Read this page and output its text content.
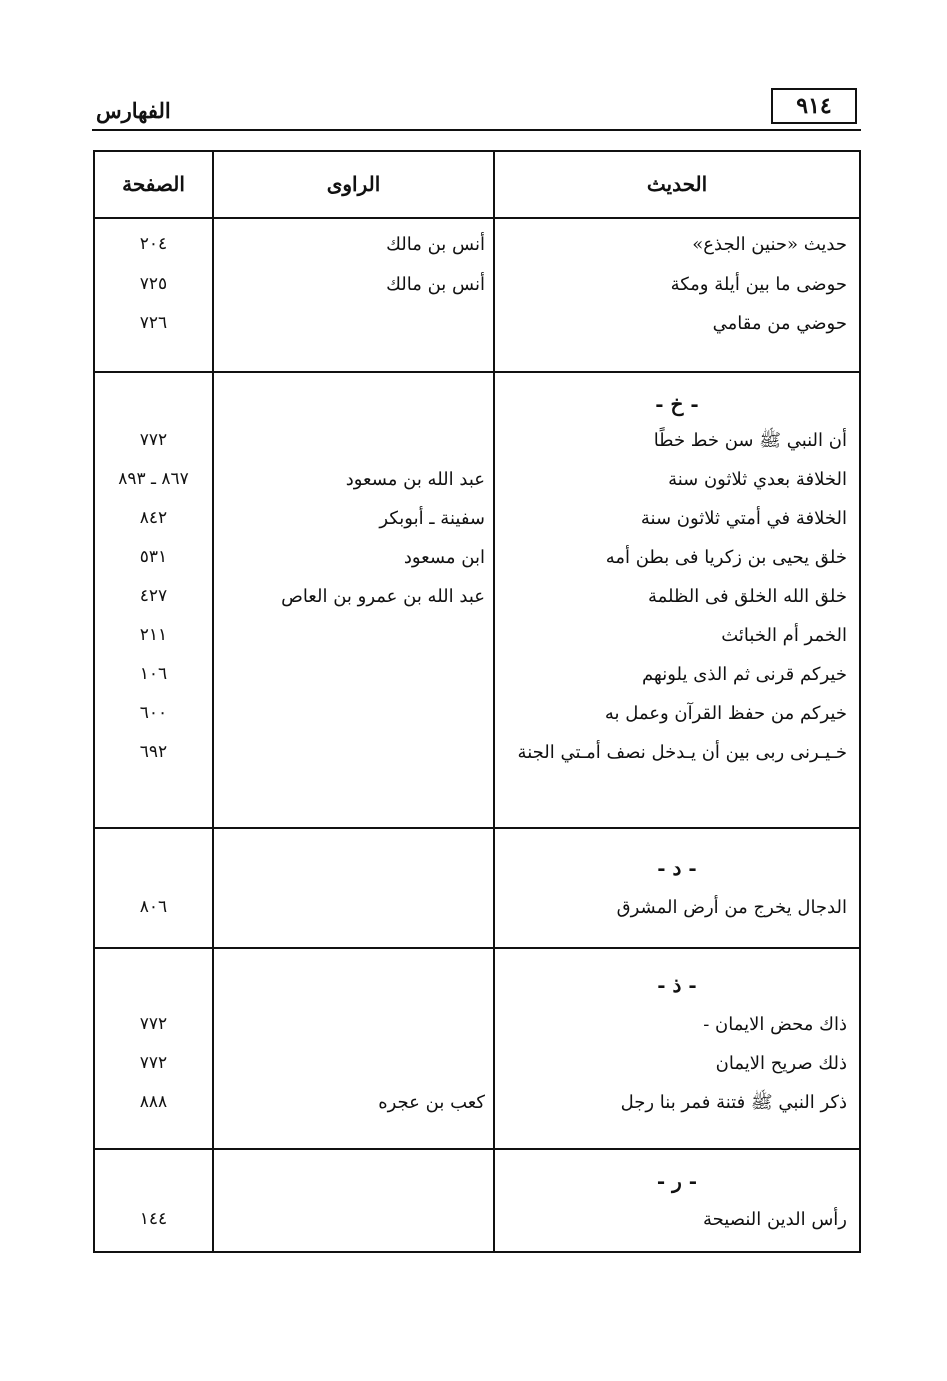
الفهارس	٩١٤
الحديث
الراوى
الصفحة
حديث «حنين الجذع»
أنس بن مالك
٢٠٤
حوضى ما بين أيلة ومكة
أنس بن مالك
٧٢٥
حوضي من مقامي
٧٢٦
- خ -
أن النبي ﷺ سن خط خطًا
٧٧٢
الخلافة بعدي ثلاثون سنة
عبد الله بن مسعود
٨٦٧ ـ ٨٩٣
الخلافة في أمتي ثلاثون سنة
سفينة ـ أبوبكر
٨٤٢
خلق يحيى بن زكريا فى بطن أمه
ابن مسعود
٥٣١
خلق الله الخلق فى الظلمة
عبد الله بن عمرو بن العاص
٤٢٧
الخمر أم الخبائث
٢١١
خيركم قرنى ثم الذى يلونهم
١٠٦
خيركم من حفظ القرآن وعمل به
٦٠٠
خـيـرنى ربى بين أن يـدخل نصف أمـتي الجنة
٦٩٢
- د -
الدجال يخرج من أرض المشرق
٨٠٦
- ذ -
ذاك محض الايمان -
٧٧٢
ذلك صريح الايمان
٧٧٢
ذكر النبي ﷺ فتنة فمر بنا رجل
كعب بن عجره
٨٨٨
- ر -
رأس الدين النصيحة
١٤٤
